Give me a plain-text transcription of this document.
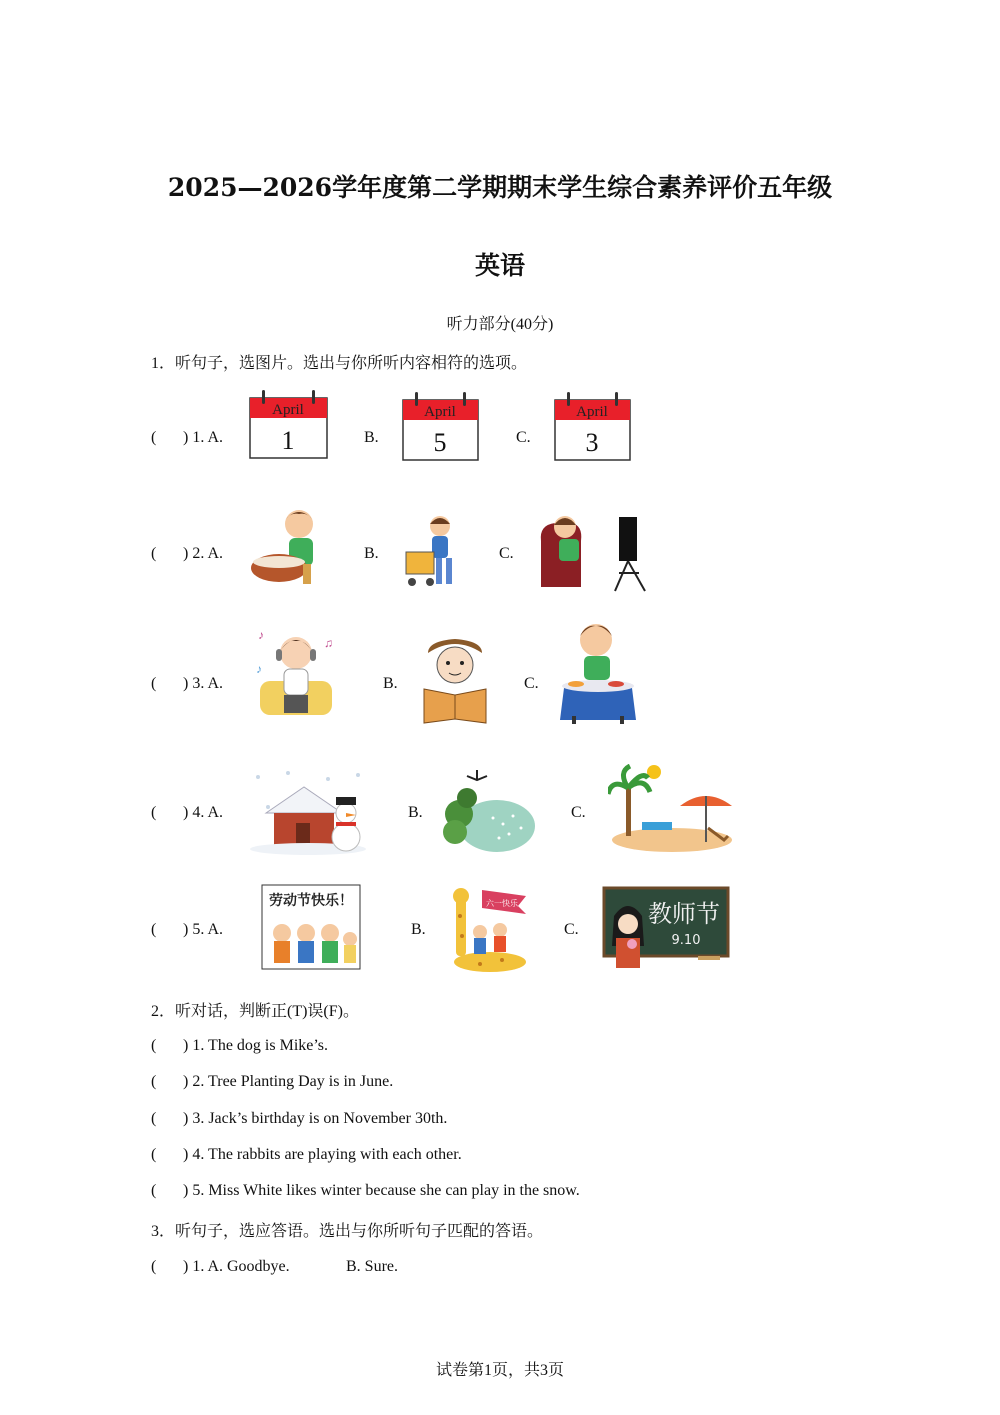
2025—2026学年度第二学期期末学生综合素养评价五年级
英语
听力部分(40分)
1．听句子，选图片。选出与你所听内容相符的选项。
( ) 1. A.
April
1	B.
April
5	C.
April
3
( ) 2. A.	B.	C.
( ) 3. A.
♪
♫
♪
B.	C.
( ) 4. A.	B.	C.
( ) 5. A.
劳动节快乐！
B.
六一快乐
C.
教师节
9.10
2．听对话，判断正(T)误(F)。
( ) 1. The dog is Mike’s.
( ) 2. Tree Planting Day is in June.
( ) 3. Jack’s birthday is on November 30th.
( ) 4. The rabbits are playing with each other.
( ) 5. Miss White likes winter because she can play in the snow.
3．听句子，选应答语。选出与你所听句子匹配的答语。
( ) 1. A. Goodbye.	B. Sure.
试卷第1页，共3页
